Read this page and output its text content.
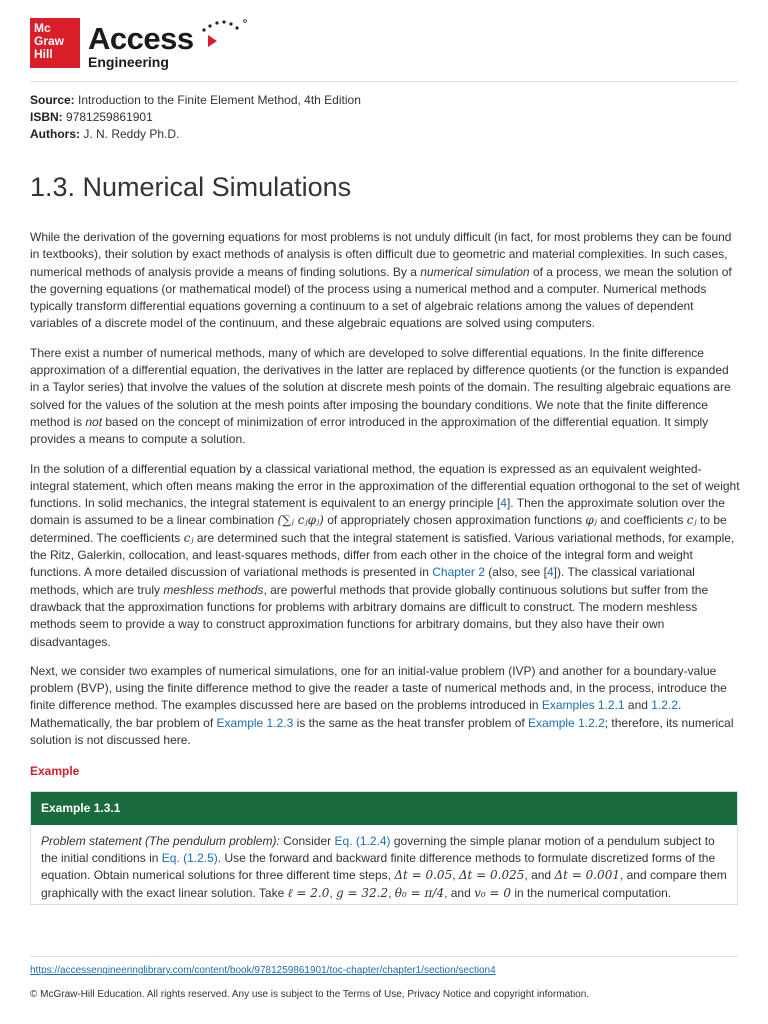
Mc
Graw
Hill	Access
Engineering
Source: Introduction to the Finite Element Method, 4th Edition
ISBN: 9781259861901
Authors: J. N. Reddy Ph.D.
1.3. Numerical Simulations

While the derivation of the governing equations for most problems is not unduly difficult (in fact, for most problems they can be found in textbooks), their solution by exact methods of analysis is often difficult due to geometric and material complexities. In such cases, numerical methods of analysis provide a means of finding solutions. By a numerical simulation of a process, we mean the solution of the governing equations (or mathematical model) of the process using a numerical method and a computer. Numerical methods typically transform differential equations governing a continuum to a set of algebraic relations among the values of dependent variables of a discrete model of the continuum, and these algebraic equations are solved using computers.

There exist a number of numerical methods, many of which are developed to solve differential equations. In the finite difference approximation of a differential equation, the derivatives in the latter are replaced by difference quotients (or the function is expanded in a Taylor series) that involve the values of the solution at discrete mesh points of the domain. The resulting algebraic equations are solved for the values of the solution at the mesh points after imposing the boundary conditions. We note that the finite difference method is not based on the concept of minimization of error introduced in the approximation of the differential equation. It simply provides a means to compute a solution.

In the solution of a differential equation by a classical variational method, the equation is expressed as an equivalent weighted-integral statement, which often means making the error in the approximation of the differential equation orthogonal to the set of weight functions. In solid mechanics, the integral statement is equivalent to an energy principle [4]. Then the approximate solution over the domain is assumed to be a linear combination (∑ⱼ cⱼφⱼ) of appropriately chosen approximation functions φⱼ and coefficients cⱼ to be determined. The coefficients cⱼ are determined such that the integral statement is satisfied. Various variational methods, for example, the Ritz, Galerkin, collocation, and least-squares methods, differ from each other in the choice of the integral form and weight functions. A more detailed discussion of variational methods is presented in Chapter 2 (also, see [4]). The classical variational methods, which are truly meshless methods, are powerful methods that provide globally continuous solutions but suffer from the drawback that the approximation functions for problems with arbitrary domains are difficult to construct. The modern meshless methods seem to provide a way to construct approximation functions for arbitrary domains, but they also have their own disadvantages.

Next, we consider two examples of numerical simulations, one for an initial-value problem (IVP) and another for a boundary-value problem (BVP), using the finite difference method to give the reader a taste of numerical methods and, in the process, introduce the finite difference method. The examples discussed here are based on the problems introduced in Examples 1.2.1 and 1.2.2. Mathematically, the bar problem of Example 1.2.3 is the same as the heat transfer problem of Example 1.2.2; therefore, its numerical solution is not discussed here.

Example
Example 1.3.1
Problem statement (The pendulum problem): Consider Eq. (1.2.4) governing the simple planar motion of a pendulum subject to the initial conditions in Eq. (1.2.5). Use the forward and backward finite difference methods to formulate discretized forms of the equation. Obtain numerical solutions for three different time steps, Δt = 0.05, Δt = 0.025, and Δt = 0.001, and compare them graphically with the exact linear solution. Take ℓ = 2.0, g = 32.2, θ₀ = π/4, and v₀ = 0 in the numerical computation.
https://accessengineeringlibrary.com/content/book/9781259861901/toc-chapter/chapter1/section/section4
© McGraw-Hill Education. All rights reserved. Any use is subject to the Terms of Use, Privacy Notice and copyright information.
